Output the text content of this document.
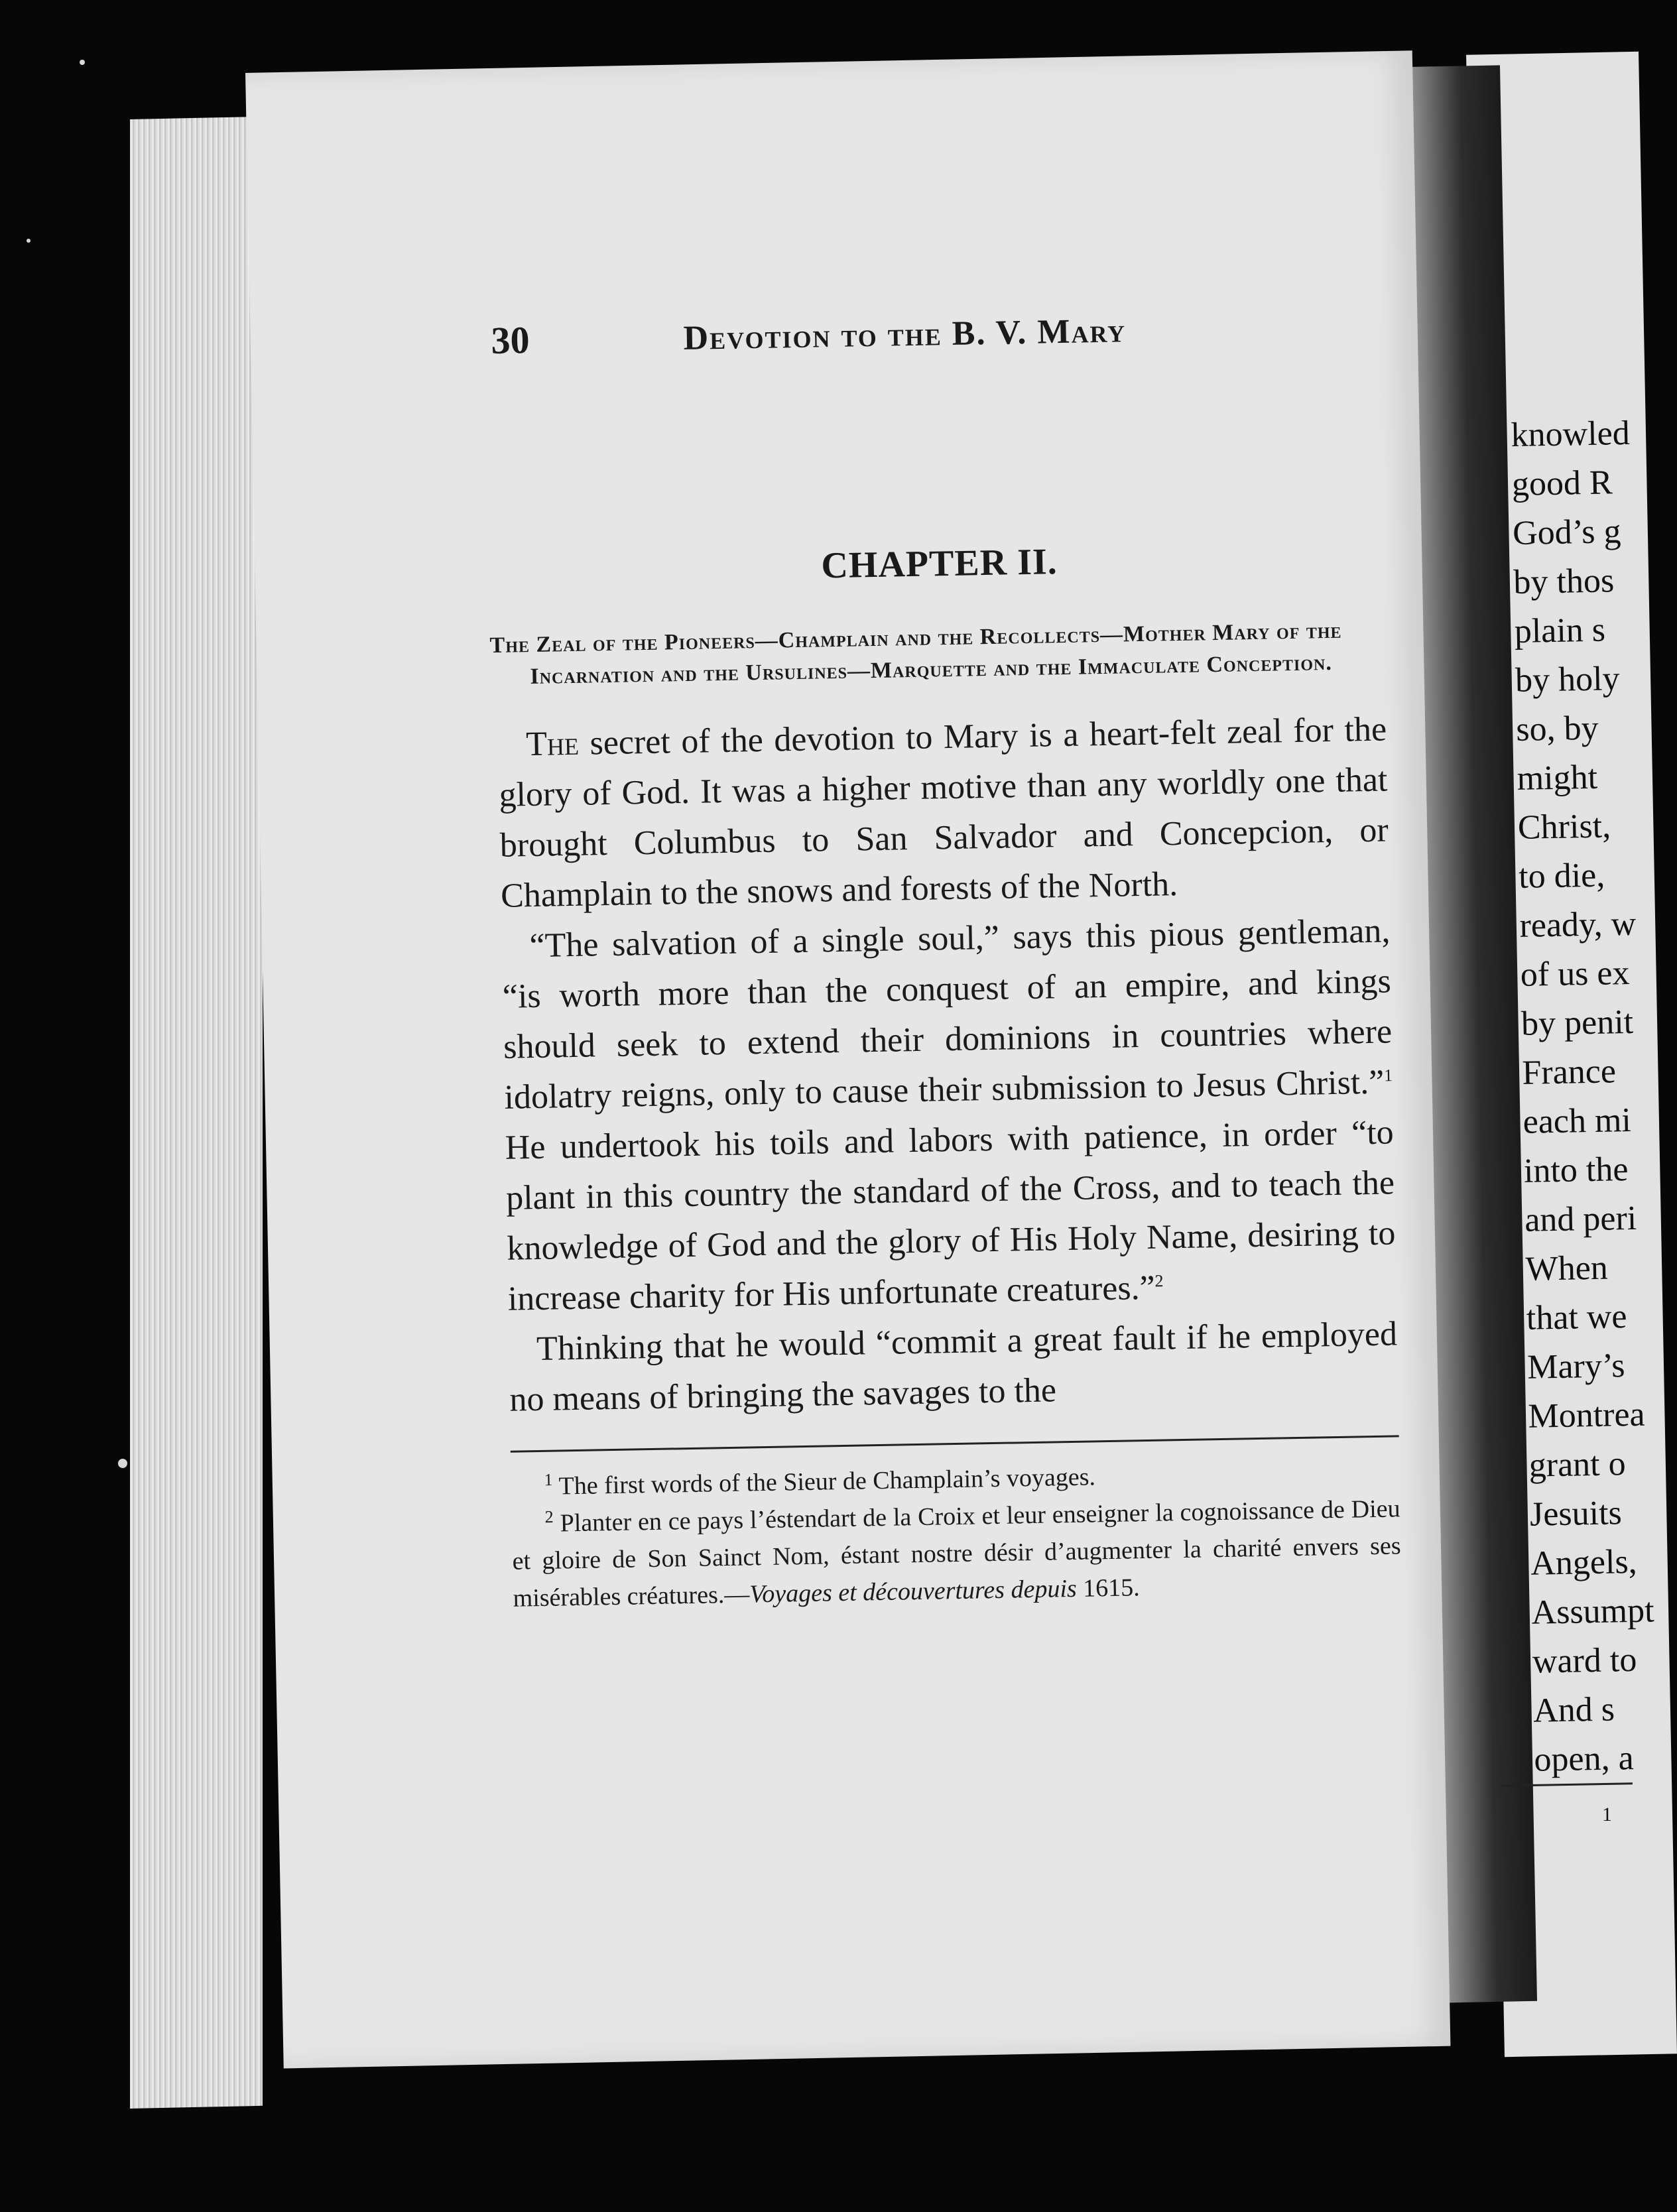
30	Devotion to the B. V. Mary
CHAPTER II.
The Zeal of the Pioneers—Champlain and the Recollects—Mother Mary of the Incarnation and the Ursulines—Marquette and the Immaculate Conception.

The secret of the devotion to Mary is a heart-felt zeal for the glory of God. It was a higher motive than any worldly one that brought Columbus to San Salvador and Concepcion, or Champlain to the snows and forests of the North.

“The salvation of a single soul,” says this pious gentleman, “is worth more than the conquest of an empire, and kings should seek to extend their dominions in countries where idolatry reigns, only to cause their submission to Jesus Christ.”$^1$ He undertook his toils and labors with patience, in order “to plant in this country the standard of the Cross, and to teach the knowledge of God and the glory of His Holy Name, desiring to increase charity for His unfortunate creatures.”$^2$

Thinking that he would “commit a great fault if he employed no means of bringing the savages to the

$^1$ The first words of the Sieur de Champlain’s voyages.

$^2$ Planter en ce pays l’éstendart de la Croix et leur enseigner la cognoissance de Dieu et gloire de Son Sainct Nom, éstant nostre désir d’augmenter la charité envers ses misérables créatures.—Voyages et découvertures depuis 1615.

knowled
good R
God’s g
by thos
plain s
by holy
so, by
might
Christ,
to die,
ready, w
of us ex
by penit
France
each mi
into the
and peri
When
that we
Mary’s
Montrea
grant o
Jesuits
Angels,
Assumpt
ward to
And s
open, a
1
